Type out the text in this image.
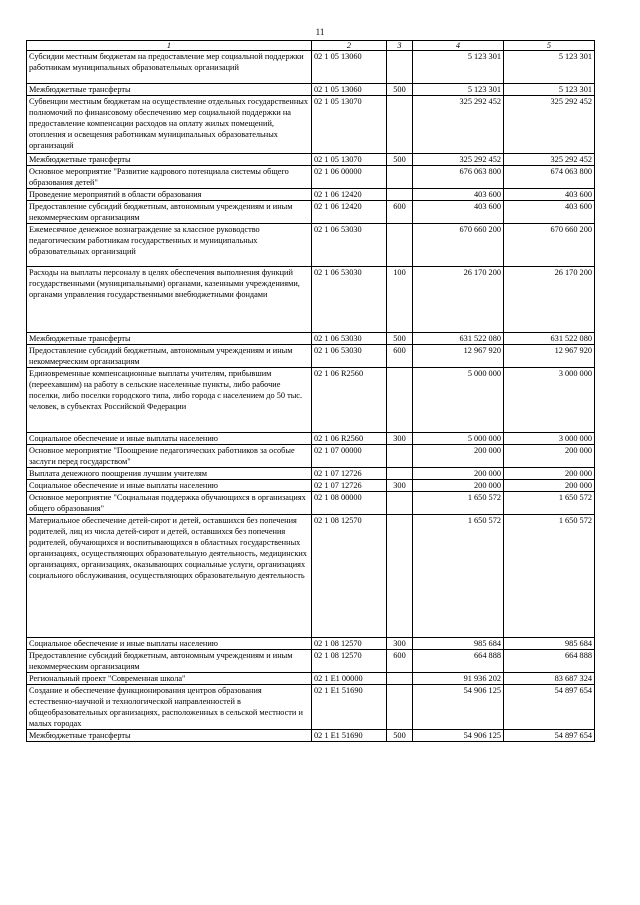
11
1	2	3	4	5
Субсидии местным бюджетам на предоставление мер социальной поддержки работникам муниципальных образовательных организаций	02 1 05 13060		5 123 301	5 123 301
Межбюджетные трансферты	02 1 05 13060	500	5 123 301	5 123 301
Субвенции местным бюджетам на осуществление отдельных государственных полномочий по финансовому обеспечению мер социальной поддержки на предоставление компенсации расходов на оплату жилых помещений, отопления и освещения работникам муниципальных образовательных организаций	02 1 05 13070		325 292 452	325 292 452
Межбюджетные трансферты	02 1 05 13070	500	325 292 452	325 292 452
Основное мероприятие "Развитие кадрового потенциала системы общего образования детей"	02 1 06 00000		676 063 800	674 063 800
Проведение мероприятий в области образования	02 1 06 12420		403 600	403 600
Предоставление субсидий бюджетным, автономным учреждениям и иным некоммерческим организациям	02 1 06 12420	600	403 600	403 600
Ежемесячное денежное вознаграждение за классное руководство педагогическим работникам государственных и муниципальных образовательных организаций	02 1 06 53030		670 660 200	670 660 200
Расходы на выплаты персоналу в целях обеспечения выполнения функций государственными (муниципальными) органами, казенными учреждениями, органами управления государственными внебюджетными фондами	02 1 06 53030	100	26 170 200	26 170 200
Межбюджетные трансферты	02 1 06 53030	500	631 522 080	631 522 080
Предоставление субсидий бюджетным, автономным учреждениям и иным некоммерческим организациям	02 1 06 53030	600	12 967 920	12 967 920
Единовременные компенсационные выплаты учителям, прибывшим (переехавшим) на работу в сельские населенные пункты, либо рабочие поселки, либо поселки городского типа, либо города с населением до 50 тыс. человек, в субъектах Российской Федерации	02 1 06 R2560		5 000 000	3 000 000
Социальное обеспечение и иные выплаты населению	02 1 06 R2560	300	5 000 000	3 000 000
Основное мероприятие "Поощрение педагогических работников за особые заслуги перед государством"	02 1 07 00000		200 000	200 000
Выплата денежного поощрения лучшим учителям	02 1 07 12726		200 000	200 000
Социальное обеспечение и иные выплаты населению	02 1 07 12726	300	200 000	200 000
Основное мероприятие "Социальная поддержка обучающихся в организациях общего образования"	02 1 08 00000		1 650 572	1 650 572
Материальное обеспечение детей-сирот и детей, оставшихся без попечения родителей, лиц из числа детей-сирот и детей, оставшихся без попечения родителей, обучающихся и воспитывающихся в областных государственных организациях, осуществляющих образовательную деятельность, медицинских организациях, организациях, оказывающих социальные услуги, организациях социального обслуживания, осуществляющих образовательную деятельность	02 1 08 12570		1 650 572	1 650 572
Социальное обеспечение и иные выплаты населению	02 1 08 12570	300	985 684	985 684
Предоставление субсидий бюджетным, автономным учреждениям и иным некоммерческим организациям	02 1 08 12570	600	664 888	664 888
Региональный проект "Современная школа"	02 1 E1 00000		91 936 202	83 687 324
Создание и обеспечение функционирования центров образования естественно-научной и технологической направленностей в общеобразовательных организациях, расположенных в сельской местности и малых городах	02 1 E1 51690		54 906 125	54 897 654
Межбюджетные трансферты	02 1 E1 51690	500	54 906 125	54 897 654
